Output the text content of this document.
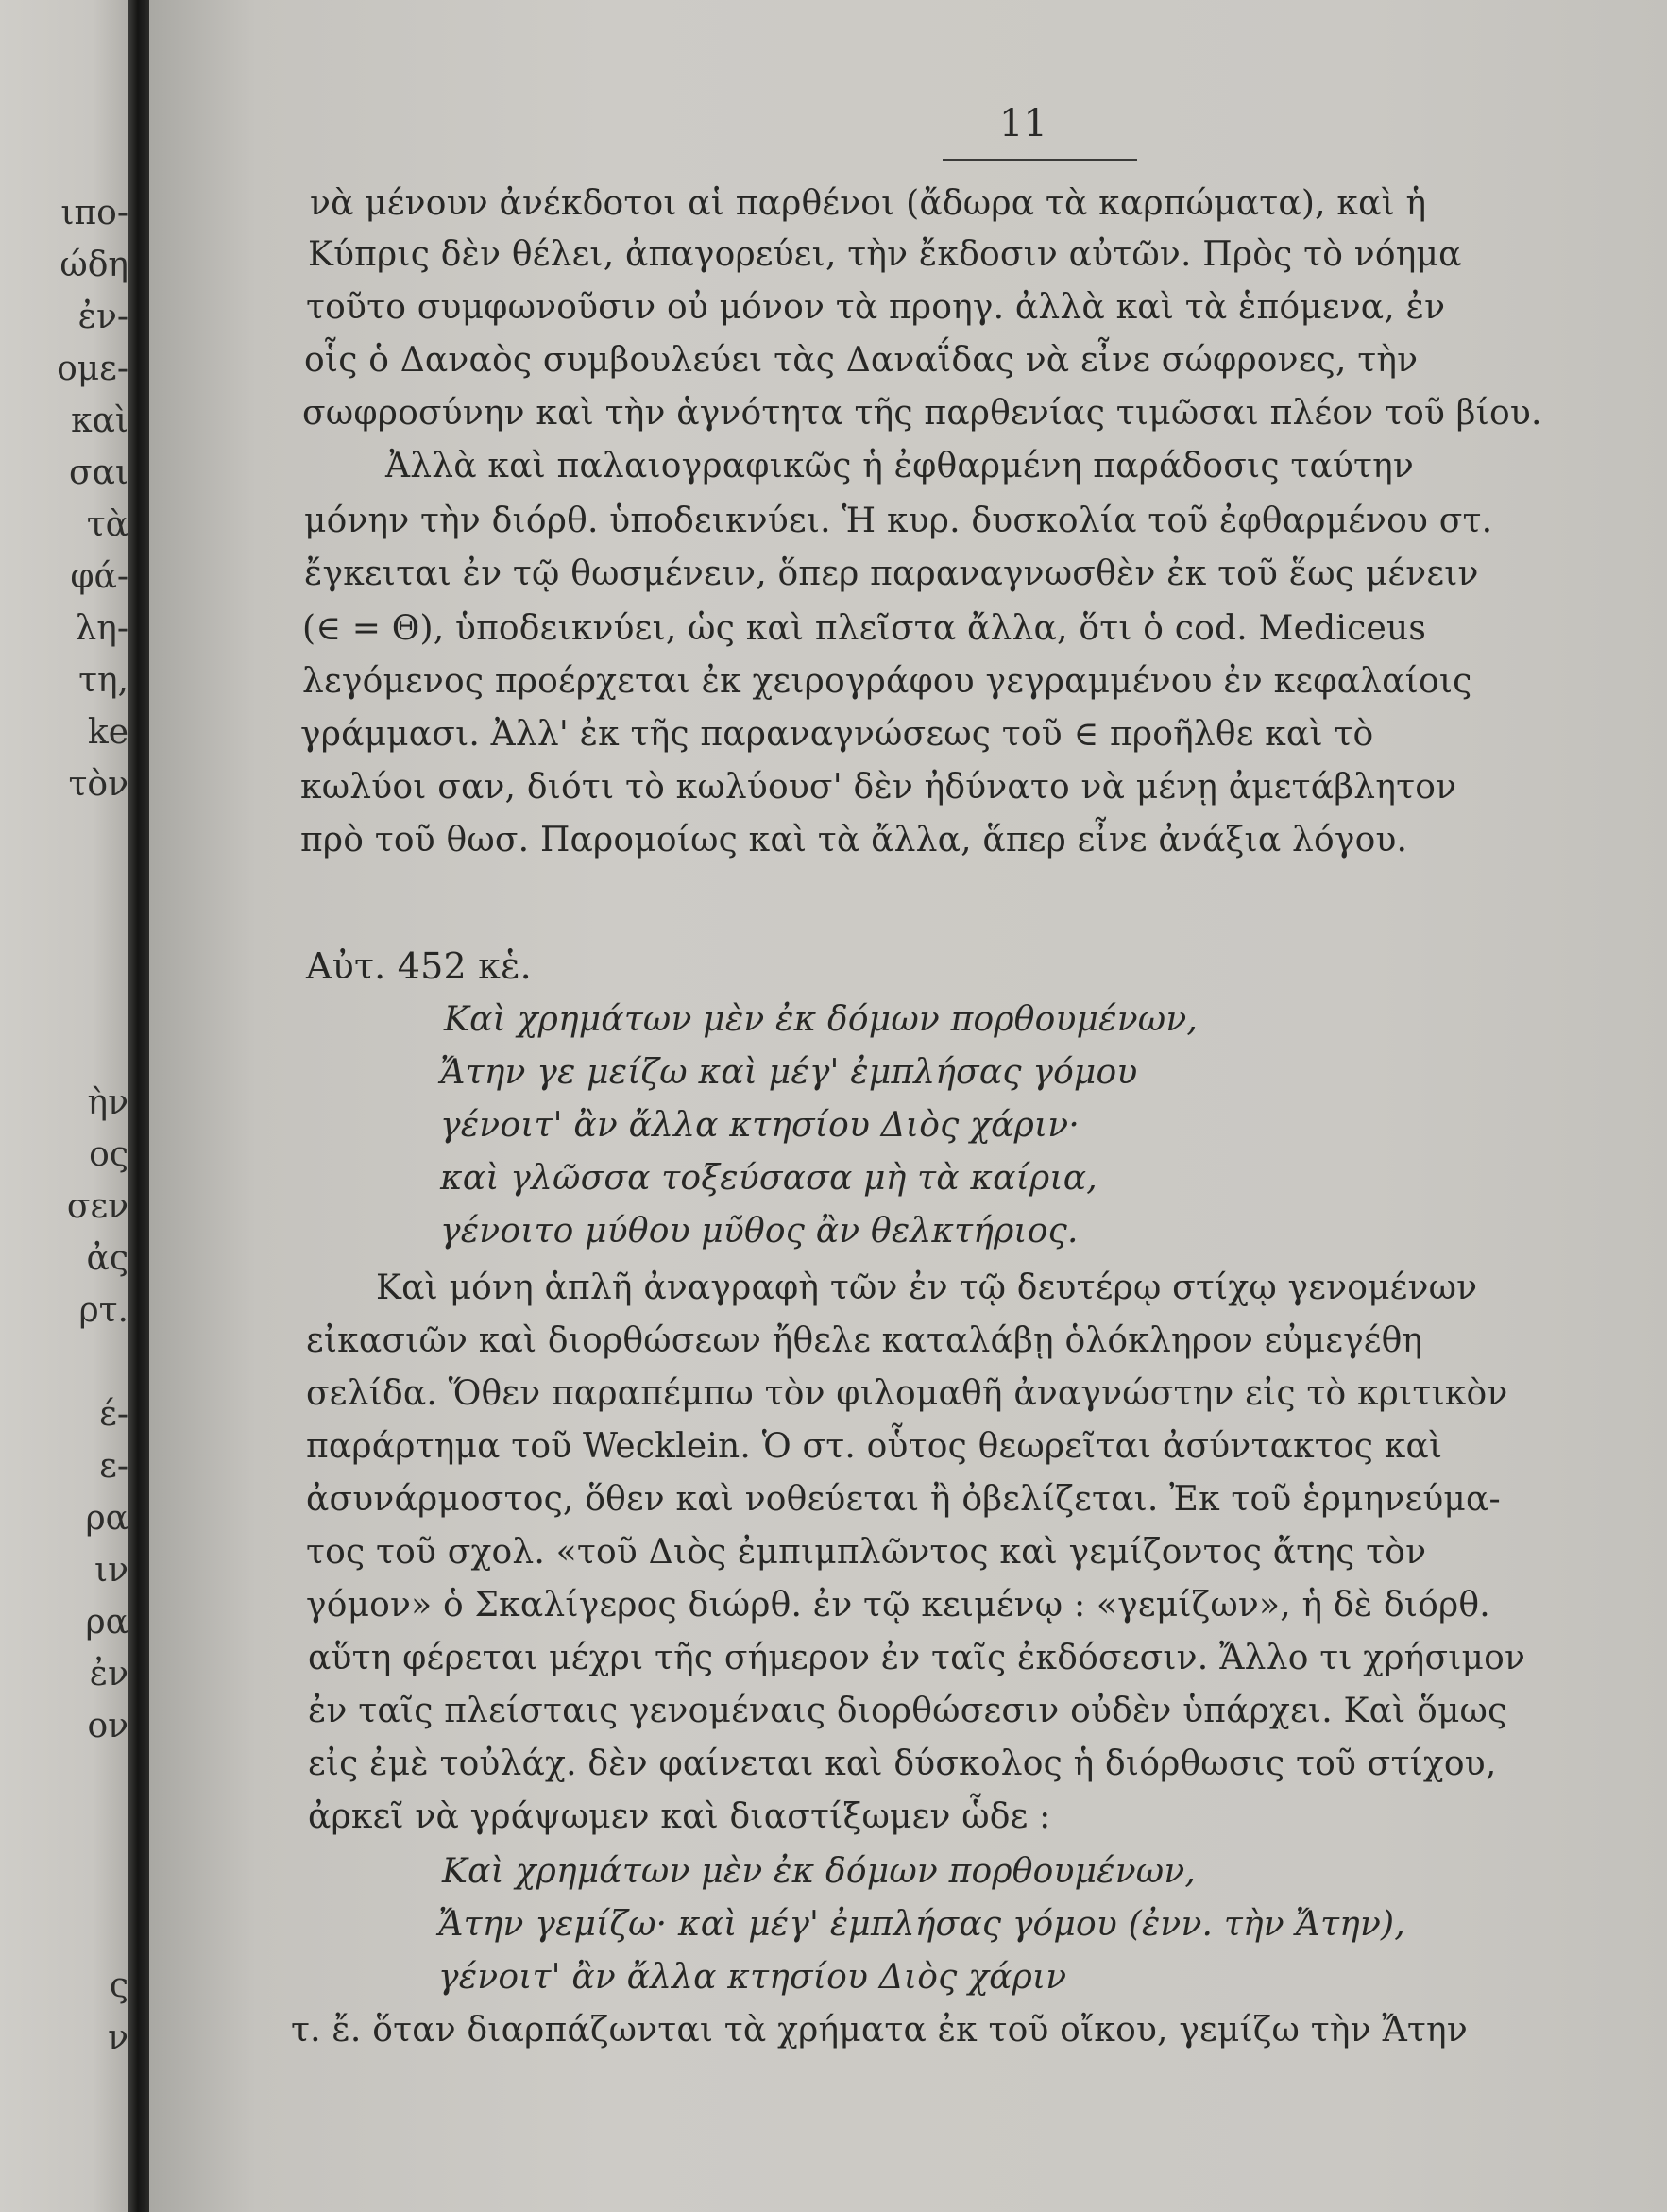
ιπο-
ώδη
ἐν-
ομε-
καὶ
σαι
τὰ
φά-
λη-
τη,
ke
τὸν
ὴν
ος
σεν
ἀς
ρτ.
έ-
ε-
ρα
ιν
ρα
ἐν
ον
ς
ν
11
νὰ μένουν ἀνέκδοτοι αἱ παρθένοι (ἄδωρα τὰ καρπώματα), καὶ ἡ
Κύπρις δὲν θέλει, ἀπαγορεύει, τὴν ἔκδοσιν αὐτῶν. Πρὸς τὸ νόημα
τοῦτο συμφωνοῦσιν οὐ μόνον τὰ προηγ. ἀλλὰ καὶ τὰ ἑπόμενα, ἐν
οἷς ὁ Δαναὸς συμβουλεύει τὰς Δαναΐδας νὰ εἶνε σώφρονες, τὴν
σωφροσύνην καὶ τὴν ἁγνότητα τῆς παρθενίας τιμῶσαι πλέον τοῦ βίου.
Ἀλλὰ καὶ παλαιογραφικῶς ἡ ἐφθαρμένη παράδοσις ταύτην
μόνην τὴν διόρθ. ὑποδεικνύει. Ἡ κυρ. δυσκολία τοῦ ἐφθαρμένου στ.
ἔγκειται ἐν τῷ θωσμένειν, ὅπερ παραναγνωσθὲν ἐκ τοῦ ἕως μένειν
(∈ = Θ), ὑποδεικνύει, ὡς καὶ πλεῖστα ἄλλα, ὅτι ὁ cod. Mediceus
λεγόμενος προέρχεται ἐκ χειρογράφου γεγραμμένου ἐν κεφαλαίοις
γράμμασι. Ἀλλ' ἐκ τῆς παραναγνώσεως τοῦ ∈ προῆλθε καὶ τὸ
κωλύοι σαν, διότι τὸ κωλύουσ' δὲν ἠδύνατο νὰ μένῃ ἀμετάβλητον
πρὸ τοῦ θωσ. Παρομοίως καὶ τὰ ἄλλα, ἅπερ εἶνε ἀνάξια λόγου.
Αὐτ. 452 κἑ.
Καὶ χρημάτων μὲν ἐκ δόμων πορθουμένων,
Ἄτην γε μείζω καὶ μέγ' ἐμπλήσας γόμου
γένοιτ' ἂν ἄλλα κτησίου Διὸς χάριν·
καὶ γλῶσσα τοξεύσασα μὴ τὰ καίρια,
γένοιτο μύθου μῦθος ἂν θελκτήριος.
Καὶ μόνη ἁπλῆ ἀναγραφὴ τῶν ἐν τῷ δευτέρῳ στίχῳ γενομένων
εἰκασιῶν καὶ διορθώσεων ἤθελε καταλάβῃ ὁλόκληρον εὐμεγέθη
σελίδα. Ὅθεν παραπέμπω τὸν φιλομαθῆ ἀναγνώστην εἰς τὸ κριτικὸν
παράρτημα τοῦ Wecklein. Ὁ στ. οὗτος θεωρεῖται ἀσύντακτος καὶ
ἀσυνάρμοστος, ὅθεν καὶ νοθεύεται ἢ ὀβελίζεται. Ἐκ τοῦ ἑρμηνεύμα-
τος τοῦ σχολ. «τοῦ Διὸς ἐμπιμπλῶντος καὶ γεμίζοντος ἄτης τὸν
γόμον» ὁ Σκαλίγερος διώρθ. ἐν τῷ κειμένῳ : «γεμίζων», ἡ δὲ διόρθ.
αὕτη φέρεται μέχρι τῆς σήμερον ἐν ταῖς ἐκδόσεσιν. Ἄλλο τι χρήσιμον
ἐν ταῖς πλείσταις γενομέναις διορθώσεσιν οὐδὲν ὑπάρχει. Καὶ ὅμως
εἰς ἐμὲ τοὐλάχ. δὲν φαίνεται καὶ δύσκολος ἡ διόρθωσις τοῦ στίχου,
ἀρκεῖ νὰ γράψωμεν καὶ διαστίξωμεν ὧδε :
Καὶ χρημάτων μὲν ἐκ δόμων πορθουμένων,
Ἄτην γεμίζω· καὶ μέγ' ἐμπλήσας γόμου (ἐνν. τὴν Ἄτην),
γένοιτ' ἂν ἄλλα κτησίου Διὸς χάριν
τ. ἔ. ὅταν διαρπάζωνται τὰ χρήματα ἐκ τοῦ οἴκου, γεμίζω τὴν Ἄτην
